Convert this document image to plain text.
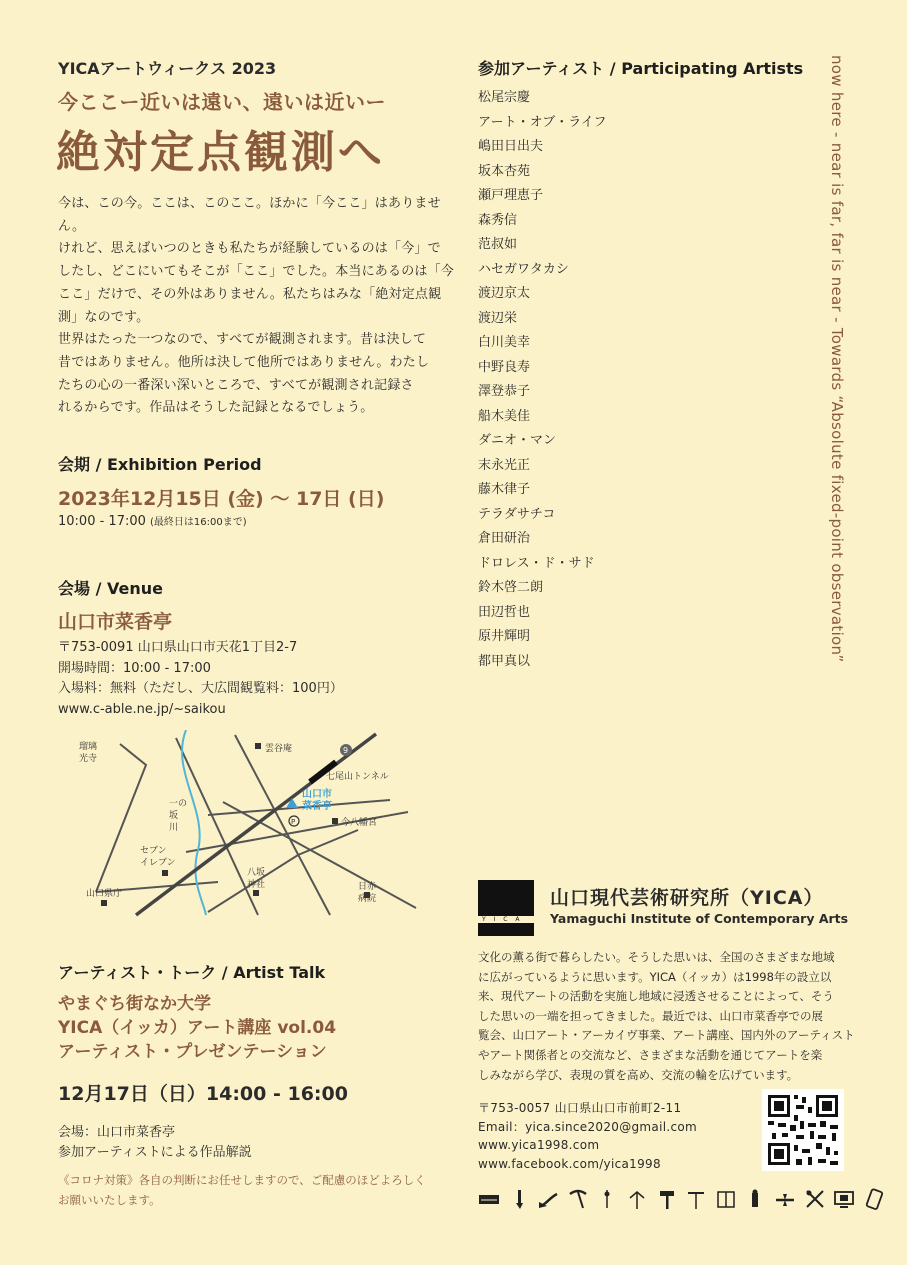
YICAアートウィークス 2023
今ここー近いは遠い、遠いは近いー
絶対定点観測へ
今は、この今。ここは、このここ。ほかに「今ここ」はありません。
けれど、思えばいつのときも私たちが経験しているのは「今」で
したし、どこにいてもそこが「ここ」でした。本当にあるのは「今
ここ」だけで、その外はありません。私たちはみな「絶対定点観
測」なのです。
世界はたった一つなので、すべてが観測されます。昔は決して
昔ではありません。他所は決して他所ではありません。わたし
たちの心の一番深い深いところで、すべてが観測され記録さ
れるからです。作品はそうした記録となるでしょう。
会期 / Exhibition Period
2023年12月15日 (金) 〜 17日 (日)
10:00 - 17:00 (最終日は16:00まで)
会場 / Venue
山口市菜香亭
〒753-0091 山口県山口市天花1丁目2-7
開場時間：10:00 - 17:00
入場料：無料（ただし、大広間観覧料：100円）
www.c-able.ne.jp/~saikou
瑠璃
光寺
雲谷庵	9
七尾山トンネル
山口市
菜香亭
P	今八幡宮
一の
坂
川
セブン
イレブン
八坂
神社	日赤
病院
山口県庁
アーティスト・トーク / Artist Talk
やまぐち街なか大学
YICA（イッカ）アート講座 vol.04
アーティスト・プレゼンテーション
12月17日（日）14:00 - 16:00
会場：山口市菜香亭
参加アーティストによる作品解説
《コロナ対策》各自の判断にお任せしますので、ご配慮のほどよろしく
お願いいたします。
参加アーティスト / Participating Artists
松尾宗慶
アート・オブ・ライフ
嶋田日出夫
坂本杏苑
瀬戸理恵子
森秀信
范叔如
ハセガワタカシ
渡辺京太
渡辺栄
白川美幸
中野良寿
澤登恭子
船木美佳
ダニオ・マン
末永光正
藤木律子
テラダサチコ
倉田研治
ドロレス・ド・サド
鈴木啓二朗
田辺哲也
原井輝明
都甲真以	now here - near is far, far is near - Towards “Absolute fixed-point observation”
Y I C A
山口現代芸術研究所（YICA）
Yamaguchi Institute of Contemporary Arts
文化の薫る街で暮らしたい。そうした思いは、全国のさまざまな地域
に広がっているように思います。YICA（イッカ）は1998年の設立以
来、現代アートの活動を実施し地域に浸透させることによって、そう
した思いの一端を担ってきました。最近では、山口市菜香亭での展
覧会、山口アート・アーカイヴ事業、アート講座、国内外のアーティスト
やアート関係者との交流など、さまざまな活動を通じてアートを楽
しみながら学び、表現の質を高め、交流の輪を広げています。
〒753-0057 山口県山口市前町2-11
Email：yica.since2020@gmail.com
www.yica1998.com
www.facebook.com/yica1998
